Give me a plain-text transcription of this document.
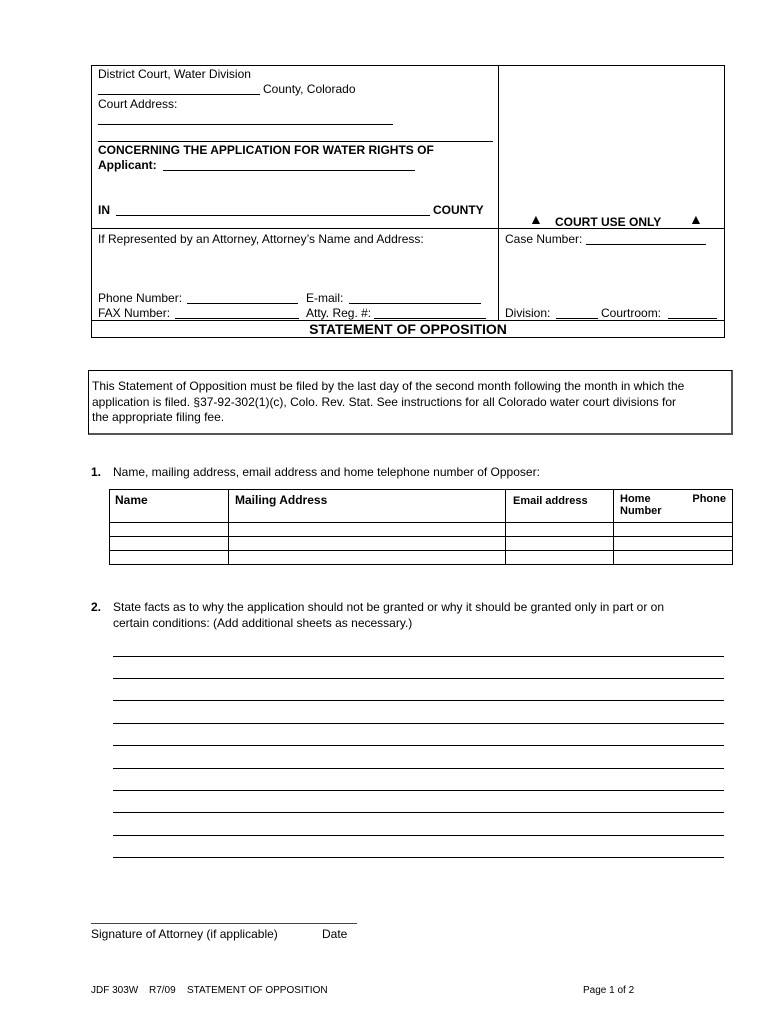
District Court, Water Division
County, Colorado
Court Address:
CONCERNING THE APPLICATION FOR WATER RIGHTS OF
Applicant:
IN	COUNTY
▲ COURT USE ONLY ▲
If Represented by an Attorney, Attorney’s Name and Address:	Case Number:
Phone Number:	E-mail:
FAX Number:	Atty. Reg. #:	Division:	Courtroom:
STATEMENT OF OPPOSITION
This Statement of Opposition must be filed by the last day of the second month following the month in which the
application is filed. §37-92-302(1)(c), Colo. Rev. Stat. See instructions for all Colorado water court divisions for
the appropriate filing fee.
1. Name, mailing address, email address and home telephone number of Opposer:
Name	Mailing Address	Email address	Home Phone
Number

2. State facts as to why the application should not be granted or why it should be granted only in part or on
certain conditions: (Add additional sheets as necessary.)
Signature of Attorney (if applicable)	Date
JDF 303W R7/09 STATEMENT OF OPPOSITION	Page 1 of 2
